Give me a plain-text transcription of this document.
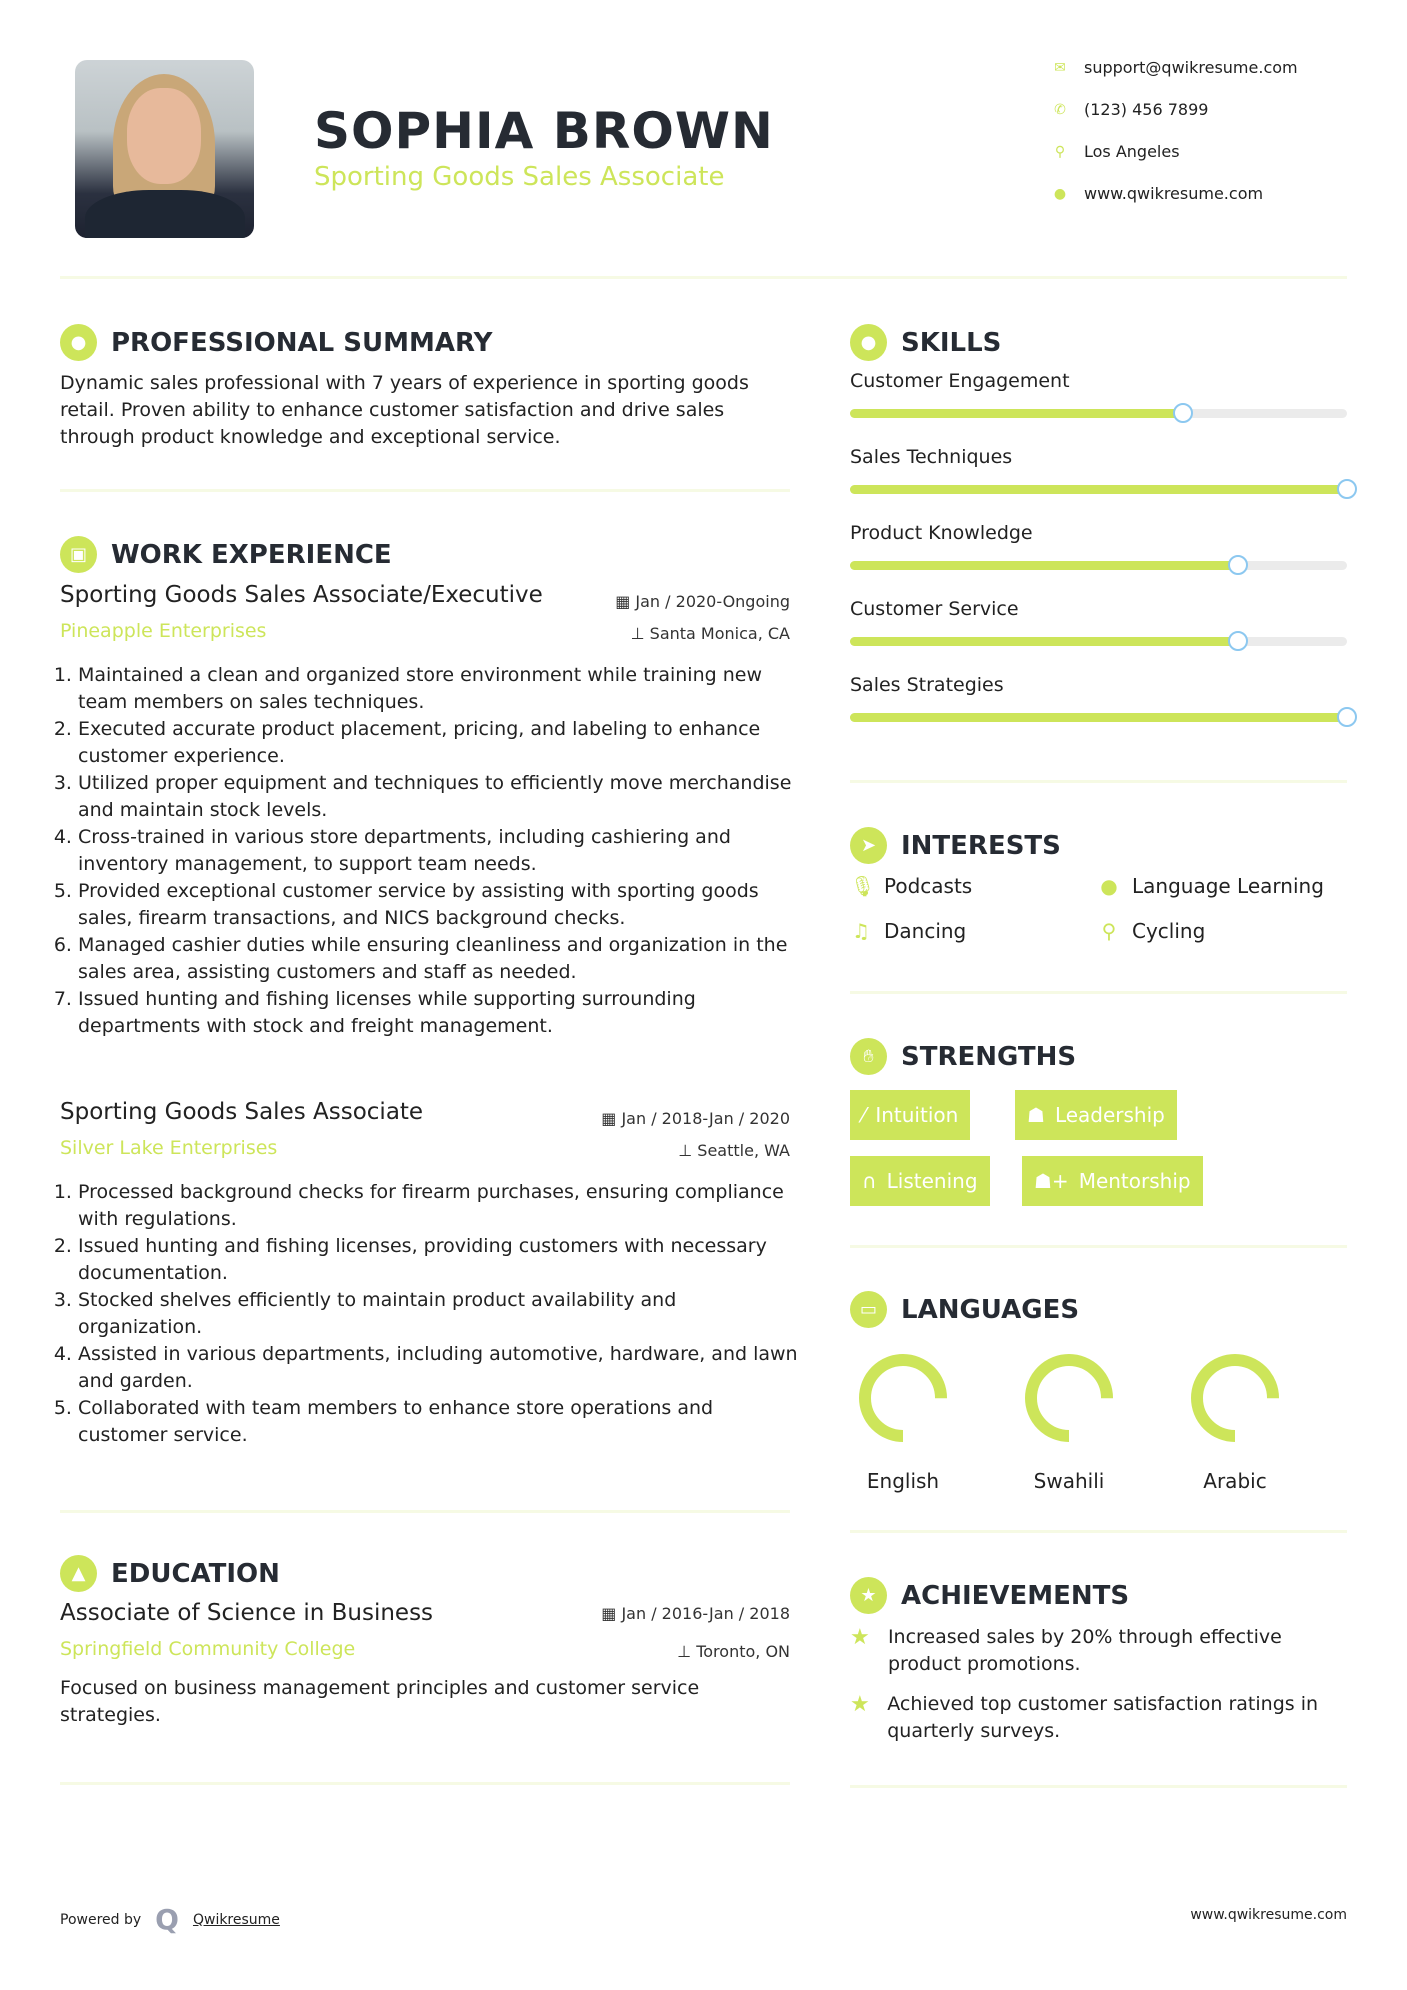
SOPHIA BROWN
Sporting Goods Sales Associate
✉ support@qwikresume.com
✆ (123) 456 7899
⚲ Los Angeles
● www.qwikresume.com
● PROFESSIONAL SUMMARY
Dynamic sales professional with 7 years of experience in sporting goods retail. Proven ability to enhance customer satisfaction and drive sales through product knowledge and exceptional service.
▣ WORK EXPERIENCE
Sporting Goods Sales Associate/Executive
Pineapple Enterprises
▦ Jan / 2020-Ongoing
⊥ Santa Monica, CA
1. Maintained a clean and organized store environment while training new team members on sales techniques.
2. Executed accurate product placement, pricing, and labeling to enhance customer experience.
3. Utilized proper equipment and techniques to efficiently move merchandise and maintain stock levels.
4. Cross-trained in various store departments, including cashiering and inventory management, to support team needs.
5. Provided exceptional customer service by assisting with sporting goods sales, firearm transactions, and NICS background checks.
6. Managed cashier duties while ensuring cleanliness and organization in the sales area, assisting customers and staff as needed.
7. Issued hunting and fishing licenses while supporting surrounding departments with stock and freight management.
Sporting Goods Sales Associate
Silver Lake Enterprises
▦ Jan / 2018-Jan / 2020
⊥ Seattle, WA
1. Processed background checks for firearm purchases, ensuring compliance with regulations.
2. Issued hunting and fishing licenses, providing customers with necessary documentation.
3. Stocked shelves efficiently to maintain product availability and organization.
4. Assisted in various departments, including automotive, hardware, and lawn and garden.
5. Collaborated with team members to enhance store operations and customer service.
▲ EDUCATION
Associate of Science in Business
Springfield Community College
▦ Jan / 2016-Jan / 2018
⊥ Toronto, ON
Focused on business management principles and customer service strategies.
● SKILLS
Customer Engagement
Sales Techniques
Product Knowledge
Customer Service
Sales Strategies
➤ INTERESTS
🎙︎ Podcasts	● Language Learning
♫ Dancing	⚲ Cycling
✋︎	STRENGTHS
⁄ Intuition	☗ Leadership
∩ Listening	☗+ Mentorship
▭ LANGUAGES
English	Swahili	Arabic
★ ACHIEVEMENTS
★ Increased sales by 20% through effective product promotions.
★ Achieved top customer satisfaction ratings in quarterly surveys.
Powered by Q Qwikresume	www.qwikresume.com
